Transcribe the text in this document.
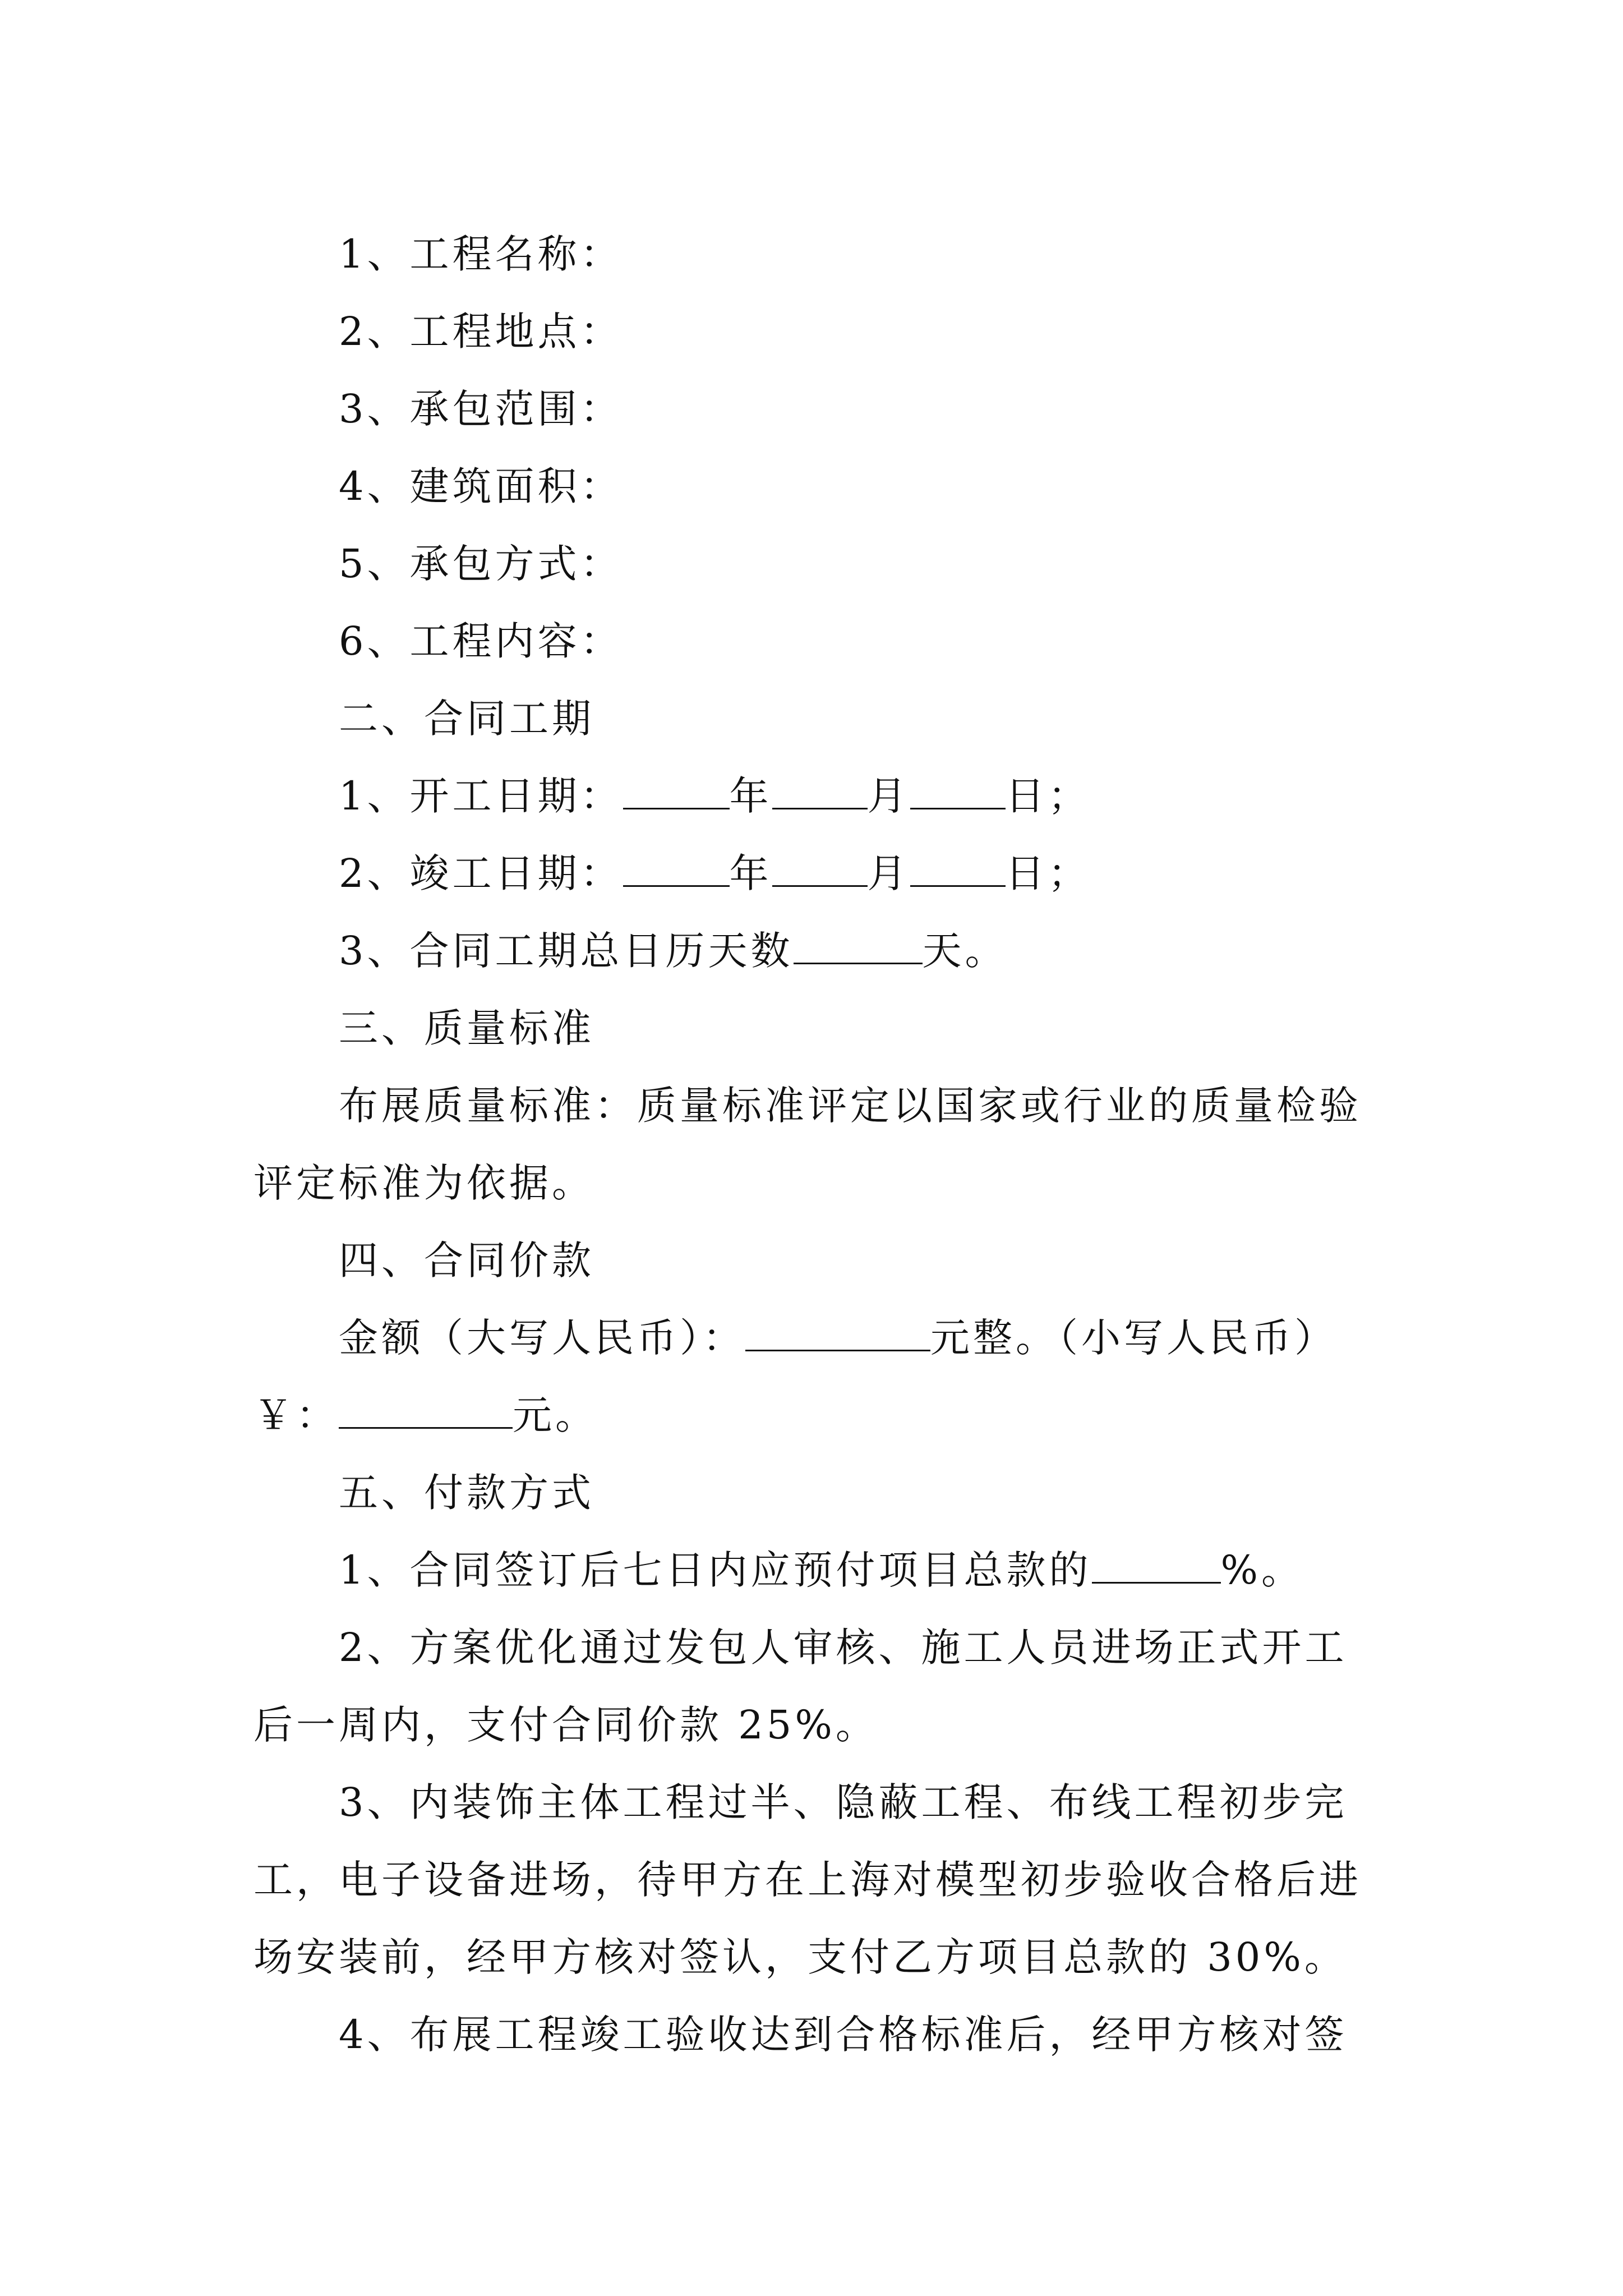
1、工程名称：
2、工程地点：
3、承包范围：
4、建筑面积：
5、承包方式：
6、工程内容：
二、合同工期
1、开工日期：	年 月 日；
2、竣工日期：	年 月 日；
3、合同工期总日历天数	天。
三、质量标准
布展质量标准：质量标准评定以国家或行业的质量检验
评定标准为依据。
四、合同价款
金额（大写人民币）：	元整。（小写人民币）
￥：	元。
五、付款方式
1、合同签订后七日内应预付项目总款的	%。
2、方案优化通过发包人审核、施工人员进场正式开工
后一周内，支付合同价款 25%。
3、内装饰主体工程过半、隐蔽工程、布线工程初步完
工，电子设备进场，待甲方在上海对模型初步验收合格后进
场安装前，经甲方核对签认，支付乙方项目总款的 30%。
4、布展工程竣工验收达到合格标准后，经甲方核对签
